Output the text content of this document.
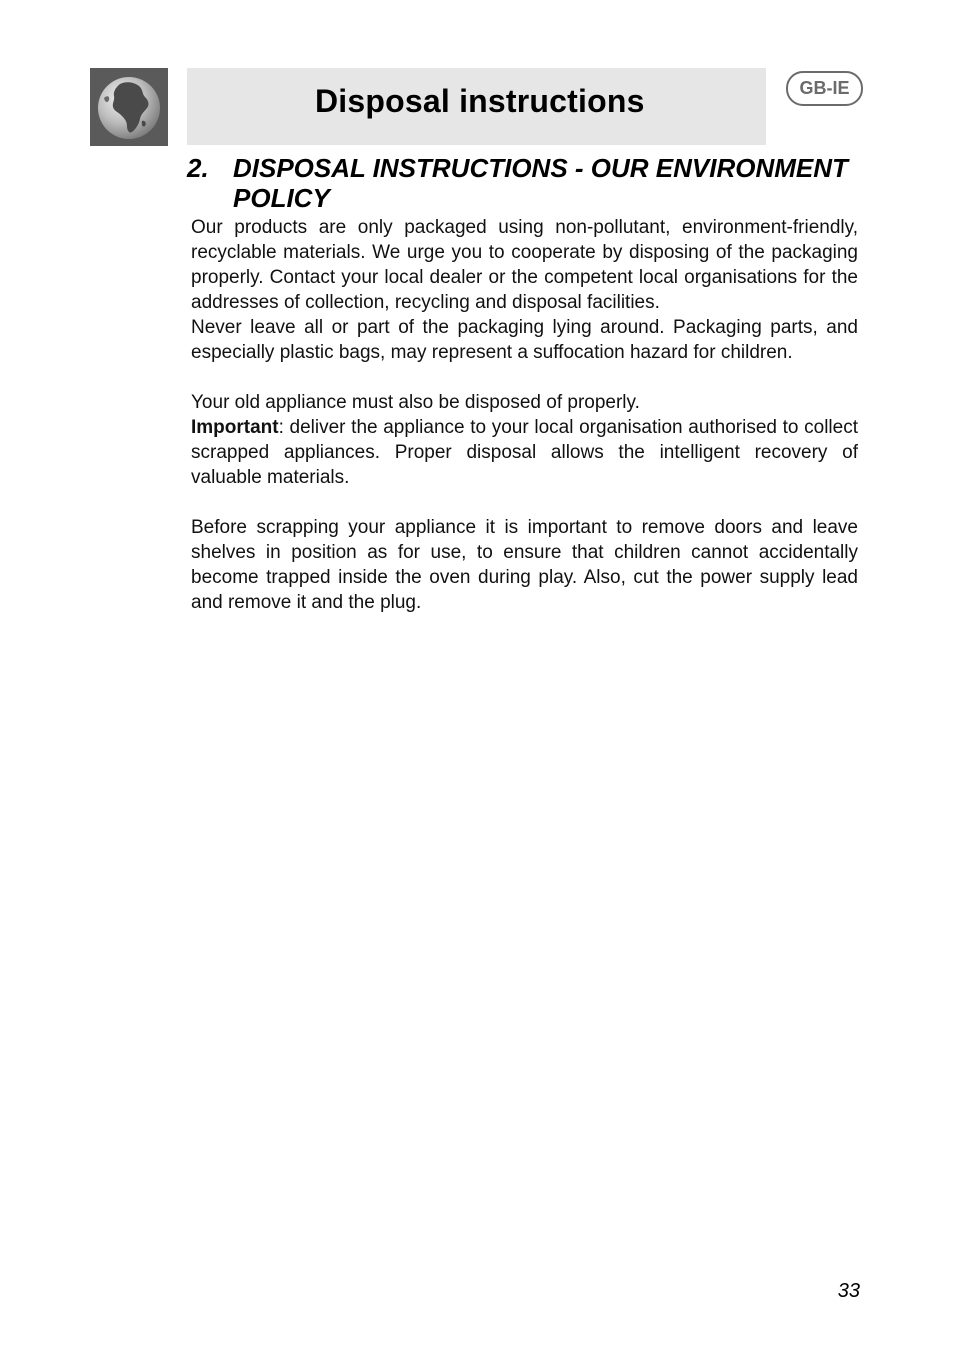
Disposal instructions	GB-IE
2. DISPOSAL INSTRUCTIONS - OUR ENVIRONMENT POLICY

Our products are only packaged using non-pollutant, environment-friendly, recyclable materials. We urge you to cooperate by disposing of the packaging properly. Contact your local dealer or the competent local organisations for the addresses of collection, recycling and disposal facilities.

Never leave all or part of the packaging lying around. Packaging parts, and especially plastic bags, may represent a suffocation hazard for children.

Your old appliance must also be disposed of properly.

Important: deliver the appliance to your local organisation authorised to collect scrapped appliances. Proper disposal allows the intelligent recovery of valuable materials.

Before scrapping your appliance it is important to remove doors and leave shelves in position as for use, to ensure that children cannot accidentally become trapped inside the oven during play. Also, cut the power supply lead and remove it and the plug.

33
